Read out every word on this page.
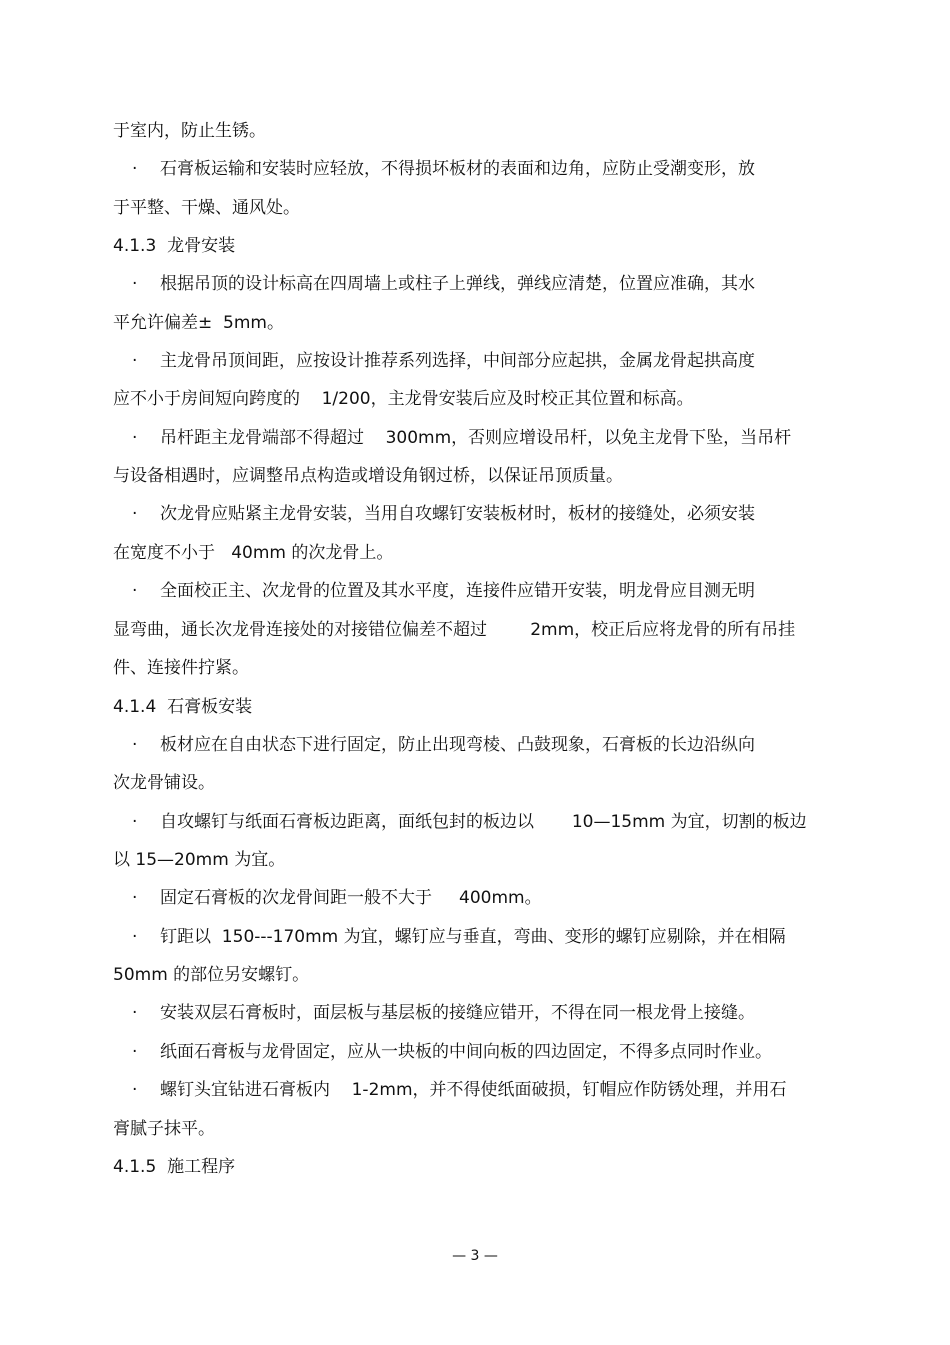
于室内，防止生锈。
· 石膏板运输和安装时应轻放，不得损坏板材的表面和边角，应防止受潮变形，放
于平整、干燥、通风处。
4.1.3  龙骨安装
· 根据吊顶的设计标高在四周墙上或柱子上弹线，弹线应清楚，位置应准确，其水
平允许偏差±  5mm。
· 主龙骨吊顶间距，应按设计推荐系列选择，中间部分应起拱，金属龙骨起拱高度
应不小于房间短向跨度的    1/200，主龙骨安装后应及时校正其位置和标高。
· 吊杆距主龙骨端部不得超过    300mm，否则应增设吊杆，以免主龙骨下坠，当吊杆
与设备相遇时，应调整吊点构造或增设角钢过桥，以保证吊顶质量。
· 次龙骨应贴紧主龙骨安装，当用自攻螺钉安装板材时，板材的接缝处，必须安装
在宽度不小于   40mm 的次龙骨上。
· 全面校正主、次龙骨的位置及其水平度，连接件应错开安装，明龙骨应目测无明
显弯曲，通长次龙骨连接处的对接错位偏差不超过        2mm，校正后应将龙骨的所有吊挂
件、连接件拧紧。
4.1.4  石膏板安装
· 板材应在自由状态下进行固定，防止出现弯棱、凸鼓现象，石膏板的长边沿纵向
次龙骨铺设。
· 自攻螺钉与纸面石膏板边距离，面纸包封的板边以       10—15mm 为宜，切割的板边
以 15—20mm 为宜。
· 固定石膏板的次龙骨间距一般不大于     400mm。
· 钉距以  150---170mm 为宜，螺钉应与垂直，弯曲、变形的螺钉应剔除，并在相隔
50mm 的部位另安螺钉。
· 安装双层石膏板时，面层板与基层板的接缝应错开，不得在同一根龙骨上接缝。
· 纸面石膏板与龙骨固定，应从一块板的中间向板的四边固定，不得多点同时作业。
· 螺钉头宜钻进石膏板内    1-2mm，并不得使纸面破损，钉帽应作防锈处理，并用石
膏腻子抹平。
4.1.5  施工程序
— 3 —
